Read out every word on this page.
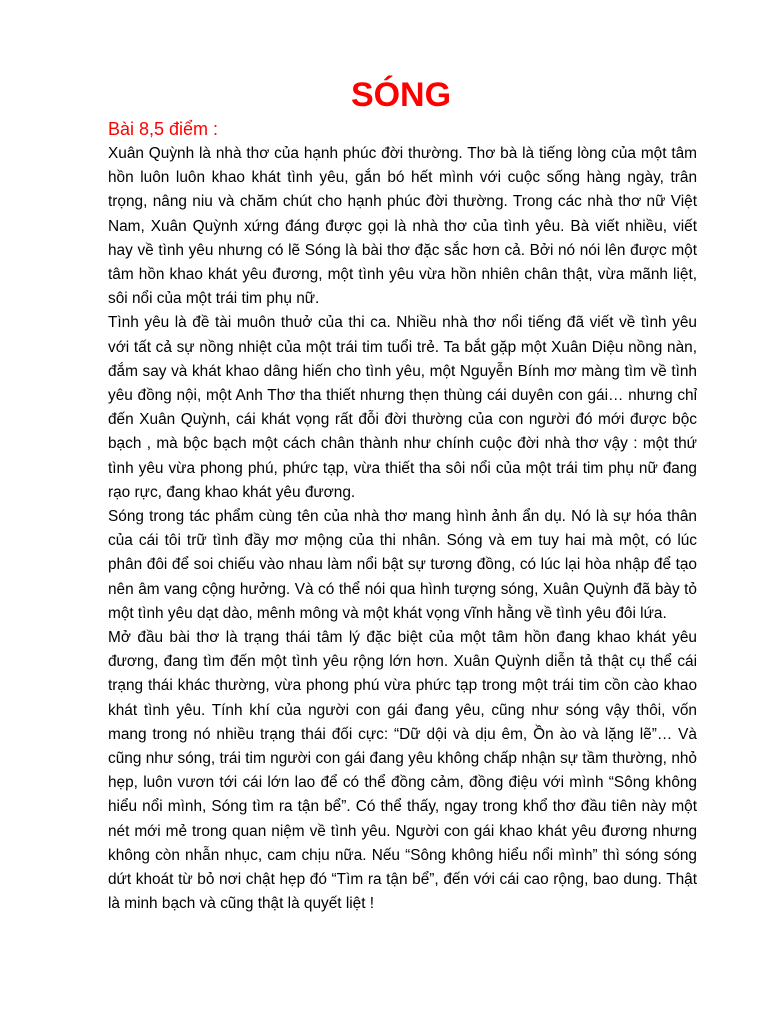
SÓNG
Bài 8,5 điểm :

Xuân Quỳnh là nhà thơ của hạnh phúc đời thường. Thơ bà là tiếng lòng của một tâm hồn luôn luôn khao khát tình yêu, gắn bó hết mình với cuộc sống hàng ngày, trân trọng, nâng niu và chăm chút cho hạnh phúc đời thường. Trong các nhà thơ nữ Việt Nam, Xuân Quỳnh xứng đáng được gọi là nhà thơ của tình yêu. Bà viết nhiều, viết hay về tình yêu nhưng có lẽ Sóng là bài thơ đặc sắc hơn cả. Bởi nó nói lên được một tâm hồn khao khát yêu đương, một tình yêu vừa hồn nhiên chân thật, vừa mãnh liệt, sôi nổi của một trái tim phụ nữ.

Tình yêu là đề tài muôn thuở của thi ca. Nhiều nhà thơ nổi tiếng đã viết về tình yêu với tất cả sự nồng nhiệt của một trái tim tuổi trẻ. Ta bắt gặp một Xuân Diệu nồng nàn, đắm say và khát khao dâng hiến cho tình yêu, một Nguyễn Bính mơ màng tìm về tình yêu đồng nội, một Anh Thơ tha thiết nhưng thẹn thùng cái duyên con gái… nhưng chỉ đến Xuân Quỳnh, cái khát vọng rất đỗi đời thường của con người đó mới được bộc bạch , mà bộc bạch một cách chân thành như chính cuộc đời nhà thơ vậy : một thứ tình yêu vừa phong phú, phức tạp, vừa thiết tha sôi nổi của một trái tim phụ nữ đang rạo rực, đang khao khát yêu đương.

Sóng trong tác phẩm cùng tên của nhà thơ mang hình ảnh ẩn dụ. Nó là sự hóa thân của cái tôi trữ tình đầy mơ mộng của thi nhân. Sóng và em tuy hai mà một, có lúc phân đôi để soi chiếu vào nhau làm nổi bật sự tương đồng, có lúc lại hòa nhập để tạo nên âm vang cộng hưởng. Và có thể nói qua hình tượng sóng, Xuân Quỳnh đã bày tỏ một tình yêu dạt dào, mênh mông và một khát vọng vĩnh hằng về tình yêu đôi lứa.

Mở đầu bài thơ là trạng thái tâm lý đặc biệt của một tâm hồn đang khao khát yêu đương, đang tìm đến một tình yêu rộng lớn hơn. Xuân Quỳnh diễn tả thật cụ thể cái trạng thái khác thường, vừa phong phú vừa phức tạp trong một trái tim cồn cào khao khát tình yêu. Tính khí của người con gái đang yêu, cũng như sóng vậy thôi, vốn mang trong nó nhiều trạng thái đối cực: “Dữ dội và dịu êm, Ồn ào và lặng lẽ”… Và cũng như sóng, trái tim người con gái đang yêu không chấp nhận sự tầm thường, nhỏ hẹp, luôn vươn tới cái lớn lao để có thể đồng cảm, đồng điệu với mình “Sông không hiểu nổi mình, Sóng tìm ra tận bể”. Có thể thấy, ngay trong khổ thơ đầu tiên này một nét mới mẻ trong quan niệm về tình yêu. Người con gái khao khát yêu đương nhưng không còn nhẫn nhục, cam chịu nữa. Nếu “Sông không hiểu nổi mình” thì sóng sóng dứt khoát từ bỏ nơi chật hẹp đó “Tìm ra tận bể”, đến với cái cao rộng, bao dung. Thật là minh bạch và cũng thật là quyết liệt !
